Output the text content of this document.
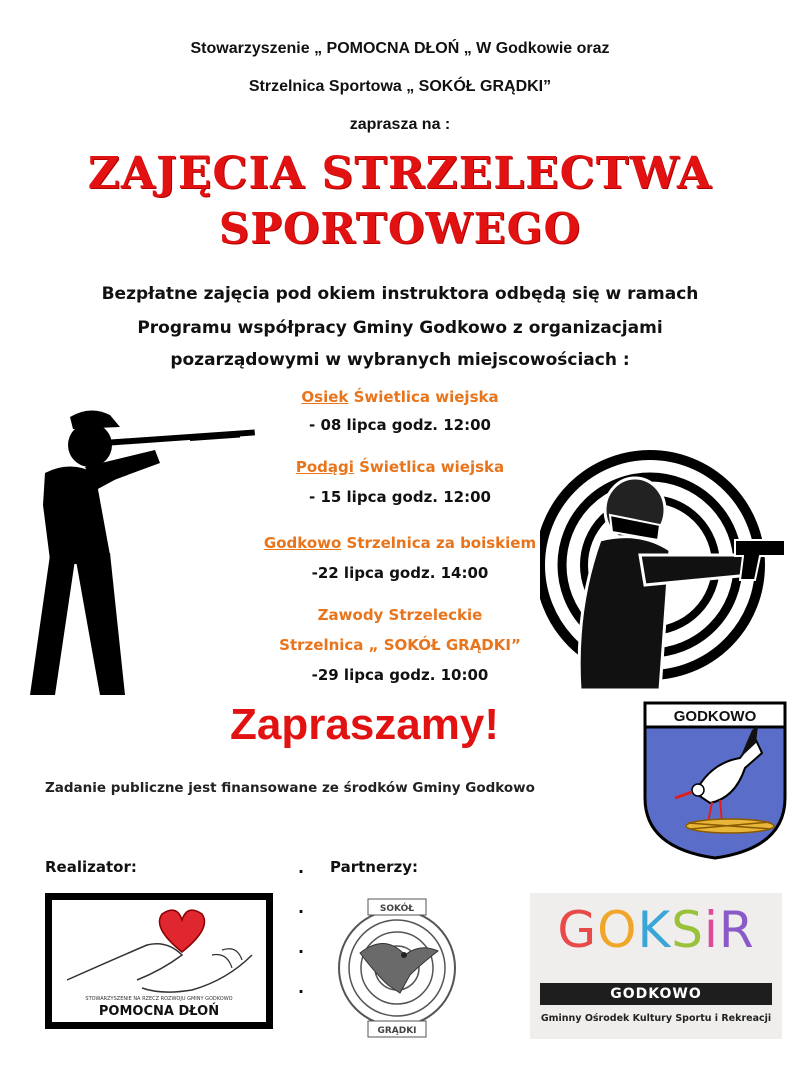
Stowarzyszenie „ POMOCNA DŁOŃ „ W Godkowie oraz
Strzelnica Sportowa „ SOKÓŁ GRĄDKI”
zaprasza na :
ZAJĘCIA STRZELECTWA
SPORTOWEGO
Bezpłatne zajęcia pod okiem instruktora odbędą się w ramach
Programu współpracy Gminy Godkowo z organizacjami
pozarządowymi w wybranych miejscowościach :
Osiek Świetlica wiejska
- 08 lipca godz. 12:00
Podągi Świetlica wiejska
- 15 lipca godz. 12:00
Godkowo Strzelnica za boiskiem
-22 lipca godz. 14:00
Zawody Strzeleckie
Strzelnica „ SOKÓŁ GRĄDKI”
-29 lipca godz. 10:00
Zapraszamy!
Zadanie publiczne jest finansowane ze środków Gminy Godkowo
GODKOWO
Realizator:	. Partnerzy:
.
.
.
STOWARZYSZENIE NA RZECZ ROZWOJU GMINY GODKOWO
POMOCNA DŁOŃ
SOKÓŁ
GRĄDKI
GOKSiR
GODKOWO
Gminny Ośrodek Kultury Sportu i Rekreacji
